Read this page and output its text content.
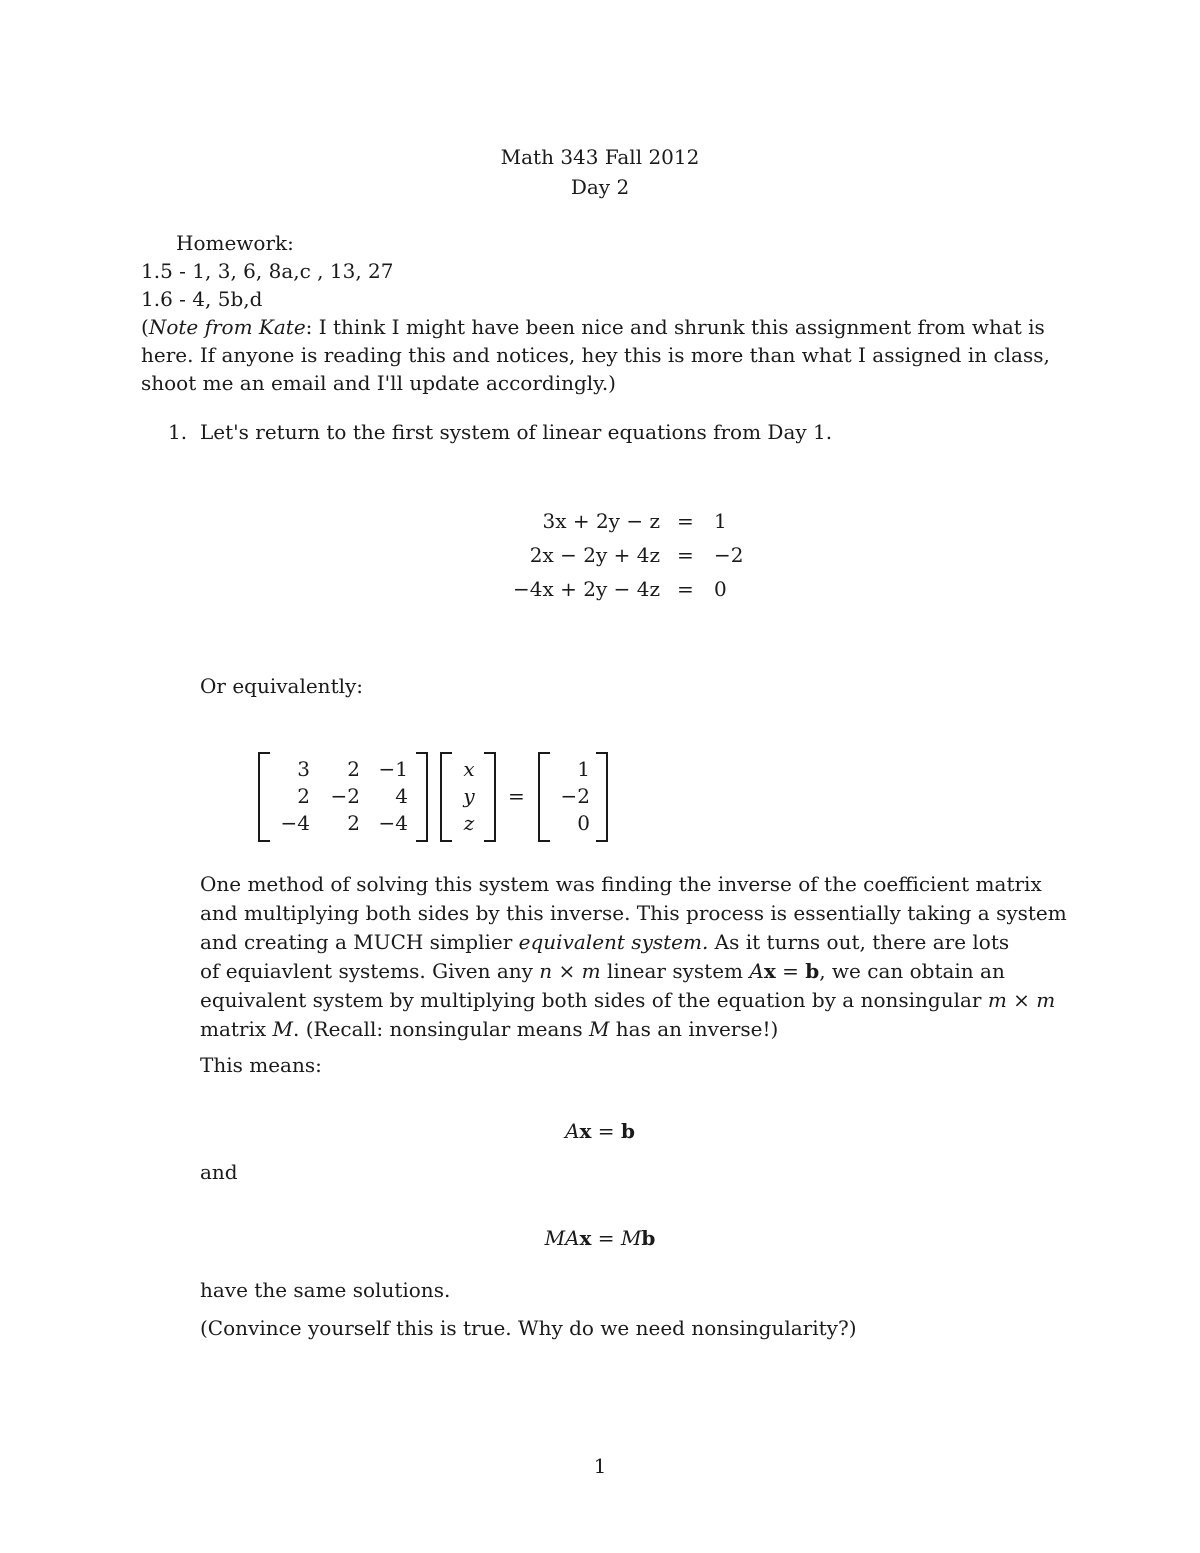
Math 343 Fall 2012
Day 2
Homework:
1.5 - 1, 3, 6, 8a,c , 13, 27
1.6 - 4, 5b,d
(Note from Kate: I think I might have been nice and shrunk this assignment from what is
here. If anyone is reading this and notices, hey this is more than what I assigned in class,
shoot me an email and I'll update accordingly.)
1. Let's return to the first system of linear equations from Day 1.
3x + 2y − z = 1
2x − 2y + 4z = −2
−4x + 2y − 4z = 0
Or equivalently:
3	2 −1
2	−2	4
−4	2 −4
x
y
z
=
1
−2
0
One method of solving this system was finding the inverse of the coefficient matrix
and multiplying both sides by this inverse. This process is essentially taking a system
and creating a MUCH simplier equivalent system. As it turns out, there are lots
of equiavlent systems. Given any n × m linear system Ax = b, we can obtain an
equivalent system by multiplying both sides of the equation by a nonsingular m × m
matrix M. (Recall: nonsingular means M has an inverse!)
This means:
Ax = b
and
MAx = Mb
have the same solutions.
(Convince yourself this is true. Why do we need nonsingularity?)
1
